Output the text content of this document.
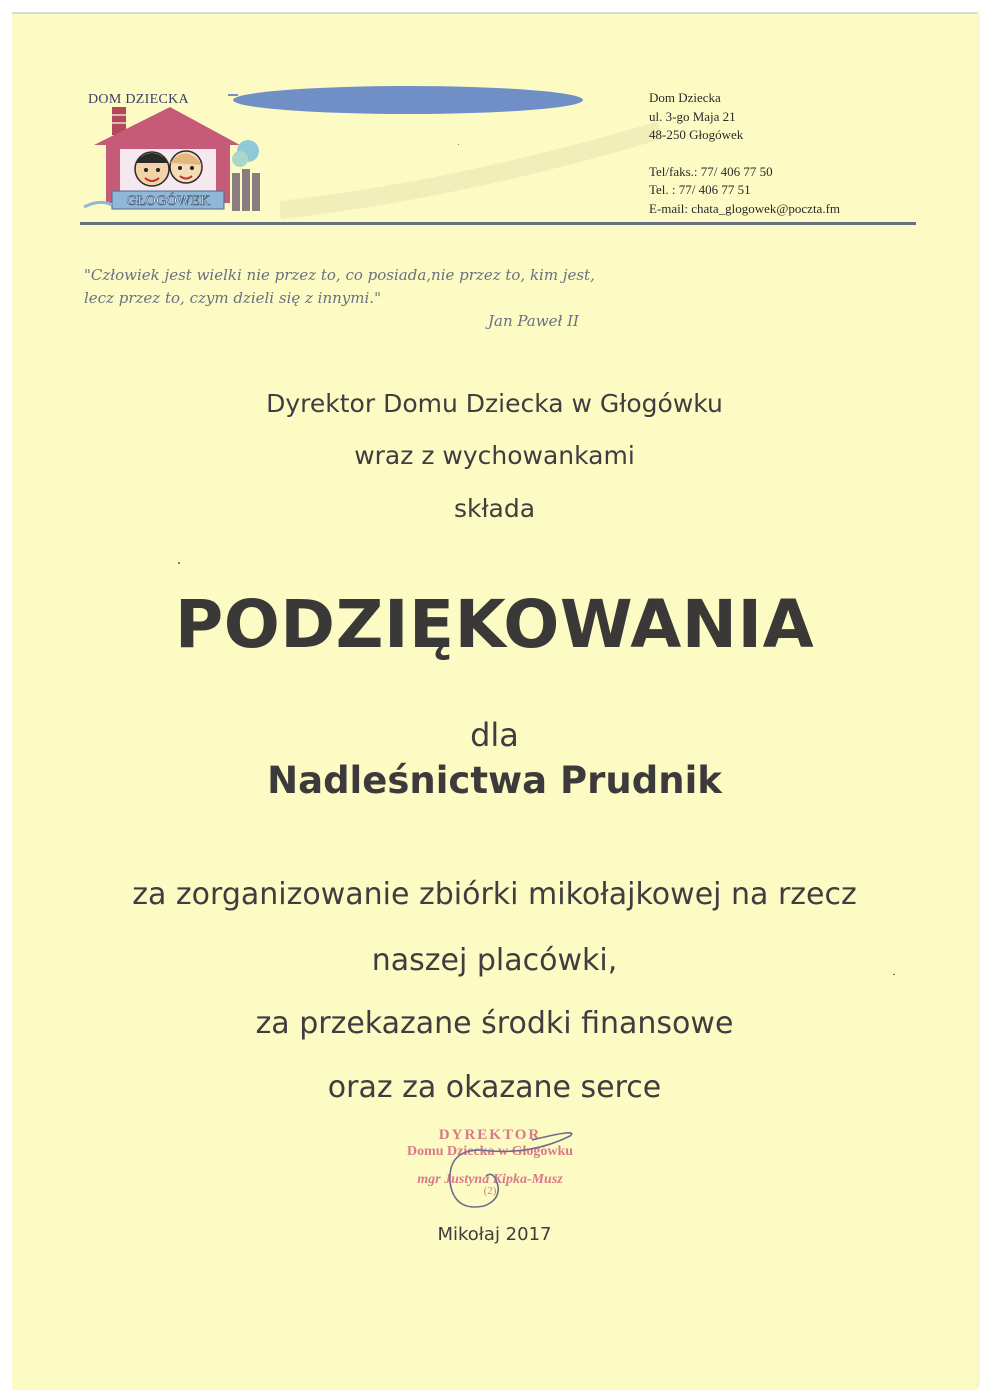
DOM DZIECKA
GŁOGÓWEK
Dom Dziecka
ul. 3-go Maja 21
48-250 Głogówek
Tel/faks.: 77/ 406 77 50
Tel. : 77/ 406 77 51
E-mail: chata_glogowek@poczta.fm
"Człowiek jest wielki nie przez to, co posiada,nie przez to, kim jest,
lecz przez to, czym dzieli się z innymi."
Jan Paweł II
Dyrektor Domu Dziecka w Głogówku
wraz z wychowankami
składa
PODZIĘKOWANIA
dla
Nadleśnictwa Prudnik
za zorganizowanie zbiórki mikołajkowej na rzecz
naszej placówki,
za przekazane środki finansowe
oraz za okazane serce
DYREKTOR
Domu Dziecka w Głogówku
mgr Justyna Kipka-Musz
(2)
Mikołaj 2017
